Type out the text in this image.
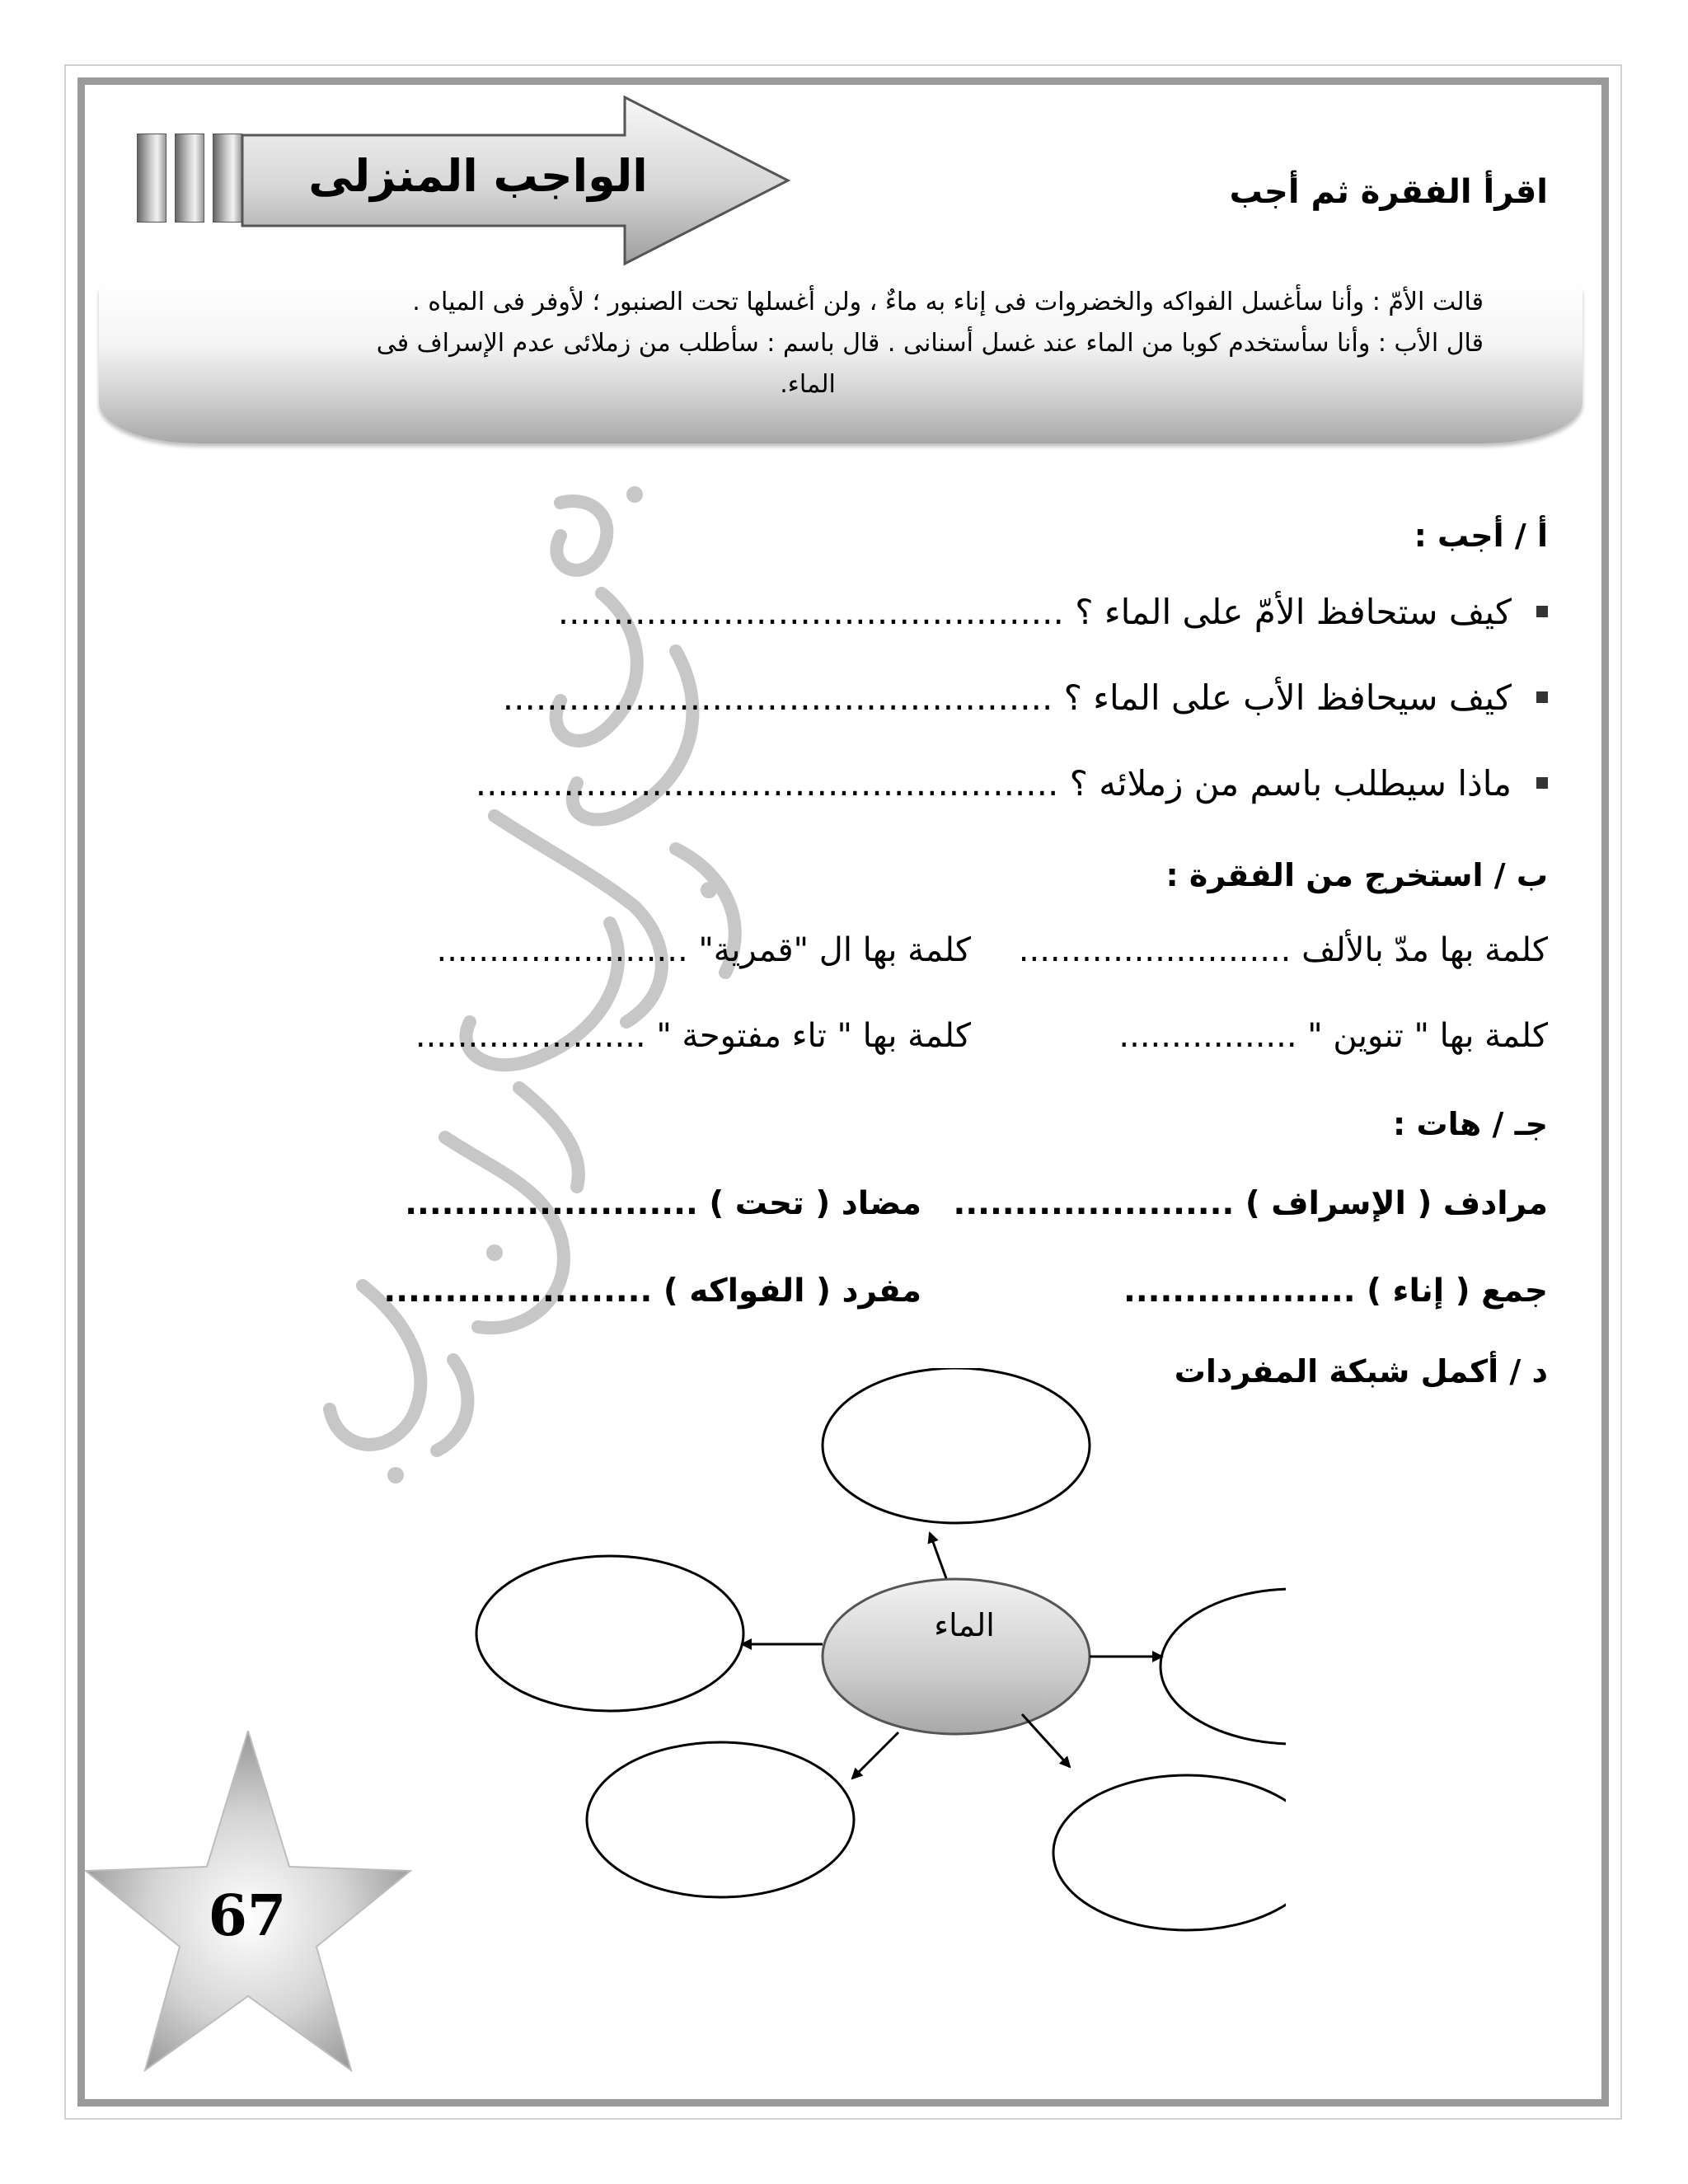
الواجب المنزلى	اقرأ الفقرة ثم أجب

قالت الأمّ : وأنا سأغسل الفواكه والخضروات فى إناء به ماءٌ ، ولن أغسلها تحت الصنبور ؛ لأوفر فى المياه .

قال الأب : وأنا سأستخدم كوبا من الماء عند غسل أسنانى . قال باسم : سأطلب من زملائى عدم الإسراف فى

الماء.

أ / أجب :
كيف ستحافظ الأمّ على الماء ؟ ..............................................
كيف سيحافظ الأب على الماء ؟ ..................................................
ماذا سيطلب باسم من زملائه ؟ .....................................................
ب / استخرج من الفقرة :
كلمة بها مدّ بالألف ..........................
كلمة بها ال "قمرية" ........................
كلمة بها " تنوين " .................
كلمة بها " تاء مفتوحة " ......................
جـ / هات :
مرادف ( الإسراف ) .......................
مضاد ( تحت ) ........................
جمع ( إناء ) ...................
مفرد ( الفواكه ) ......................
د / أكمل شبكة المفردات
الماء
67
